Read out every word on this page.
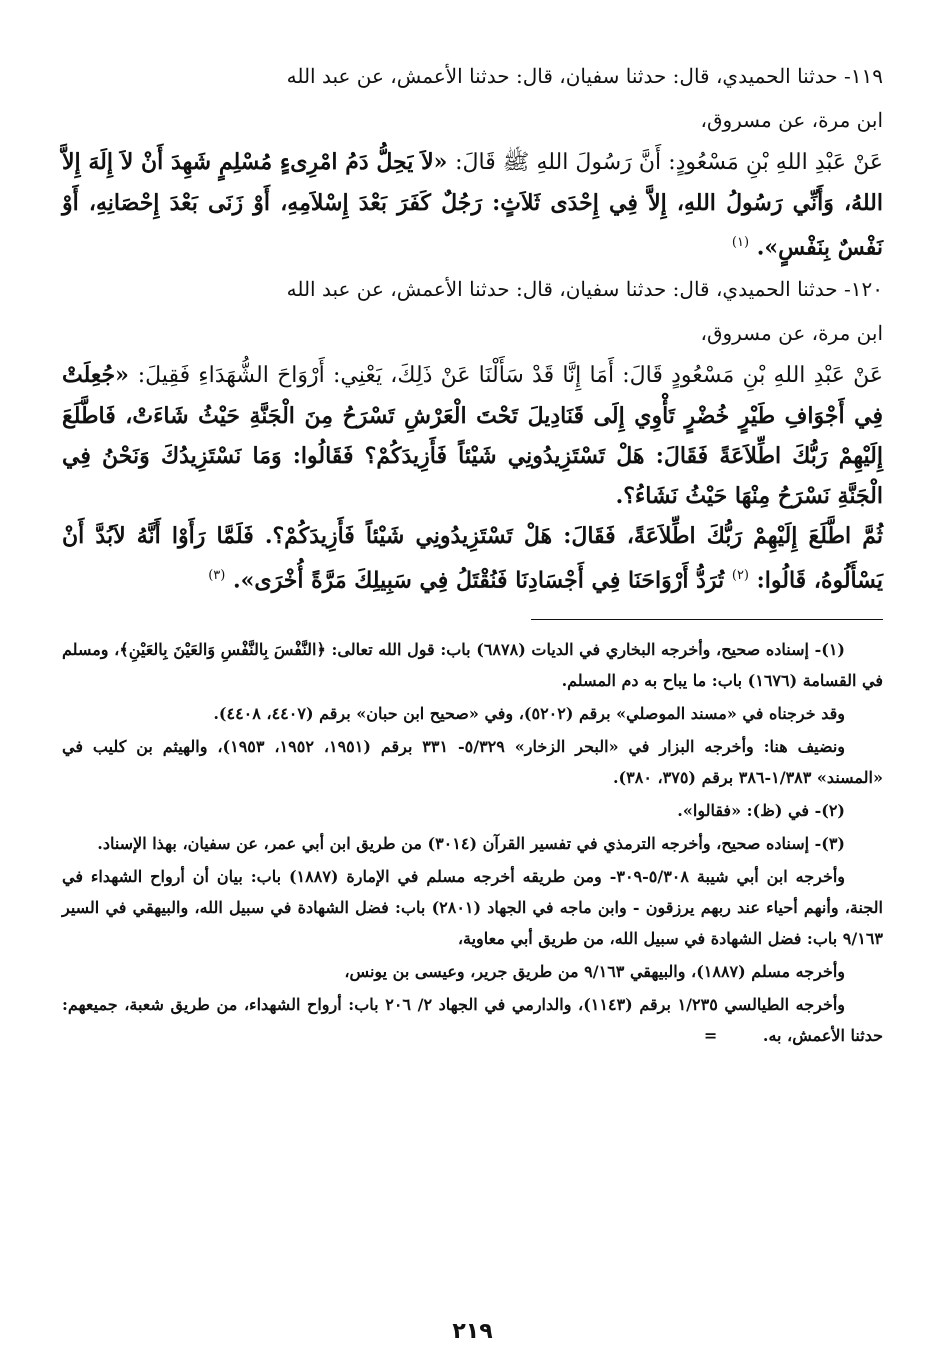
١١٩- حدثنا الحميدي، قال: حدثنا سفيان، قال: حدثنا الأعمش، عن عبد الله

ابن مرة، عن مسروق،

عَنْ عَبْدِ اللهِ بْنِ مَسْعُودٍ: أَنَّ رَسُولَ اللهِ ﷺ قَالَ: «لاَ يَحِلُّ دَمُ امْرِىءٍ مُسْلِمٍ شَهِدَ أَنْ لاَ إِلَهَ إِلاَّ اللهُ، وَأَنِّي رَسُولُ اللهِ، إِلاَّ فِي إِحْدَى ثَلاَثٍ: رَجُلٌ كَفَرَ بَعْدَ إِسْلاَمِهِ، أَوْ زَنَى بَعْدَ إِحْصَانِهِ، أَوْ نَفْسٌ بِنَفْسٍ». $^{(١)}$

١٢٠- حدثنا الحميدي، قال: حدثنا سفيان، قال: حدثنا الأعمش، عن عبد الله

ابن مرة، عن مسروق،

عَنْ عَبْدِ اللهِ بْنِ مَسْعُودٍ قَالَ: أَمَا إِنَّا قَدْ سَأَلْنَا عَنْ ذَلِكَ، يَعْنِي: أَرْوَاحَ الشُّهَدَاءِ فَقِيلَ: «جُعِلَتْ فِي أَجْوَافِ طَيْرٍ خُضْرٍ تَأْوِي إِلَى قَنَادِيلَ تَحْتَ الْعَرْشِ تَسْرَحُ مِنَ الْجَنَّةِ حَيْثُ شَاءَتْ، فَاطَّلَعَ إِلَيْهِمْ رَبُّكَ اطِّلاَعَةً فَقَالَ: هَلْ تَسْتَزِيدُونِي شَيْئاً فَأَزِيدَكُمْ؟ فَقَالُوا: وَمَا نَسْتَزِيدُكَ وَنَحْنُ فِي الْجَنَّةِ نَسْرَحُ مِنْهَا حَيْثُ نَشَاءُ؟.

ثُمَّ اطَّلَعَ إِلَيْهِمْ رَبُّكَ اطِّلاَعَةً، فَقَالَ: هَلْ تَسْتَزِيدُونِي شَيْئاً فَأَزِيدَكُمْ؟. فَلَمَّا رَأَوْا أَنَّهُ لاَبُدَّ أَنْ يَسْأَلُوهُ، قَالُوا: $^{(٢)}$ تُرَدُّ أَرْوَاحَنَا فِي أَجْسَادِنَا فَنُقْتَلُ فِي سَبِيلِكَ مَرَّةً أُخْرَى». $^{(٣)}$

(١)- إسناده صحيح، وأخرجه البخاري في الديات (٦٨٧٨) باب: قول الله تعالى: ﴿النَّفْسَ بِالنَّفْسِ وَالعَيْنَ بِالعَيْنِ﴾، ومسلم في القسامة (١٦٧٦) باب: ما يباح به دم المسلم.

وقد خرجناه في «مسند الموصلي» برقم (٥٢٠٢)، وفي «صحيح ابن حبان» برقم (٤٤٠٧، ٤٤٠٨).

ونضيف هنا: وأخرجه البزار في «البحر الزخار» ٥/٣٢٩- ٣٣١ برقم (١٩٥١، ١٩٥٢، ١٩٥٣)، والهيثم بن كليب في «المسند» ١/٣٨٣-٣٨٦ برقم (٣٧٥، ٣٨٠).

(٢)- في (ظ): «فقالوا».

(٣)- إسناده صحيح، وأخرجه الترمذي في تفسير القرآن (٣٠١٤) من طريق ابن أبي عمر، عن سفيان، بهذا الإسناد.

وأخرجه ابن أبي شيبة ٥/٣٠٨-٣٠٩- ومن طريقه أخرجه مسلم في الإمارة (١٨٨٧) باب: بيان أن أرواح الشهداء في الجنة، وأنهم أحياء عند ربهم يرزقون - وابن ماجه في الجهاد (٢٨٠١) باب: فضل الشهادة في سبيل الله، والبيهقي في السير ٩/١٦٣ باب: فضل الشهادة في سبيل الله، من طريق أبي معاوية،

وأخرجه مسلم (١٨٨٧)، والبيهقي ٩/١٦٣ من طريق جرير، وعيسى بن يونس،

وأخرجه الطيالسي ١/٢٣٥ برقم (١١٤٣)، والدارمي في الجهاد ٢/ ٢٠٦ باب: أرواح الشهداء، من طريق شعبة، جميعهم: حدثنا الأعمش، به. =

٢١٩
